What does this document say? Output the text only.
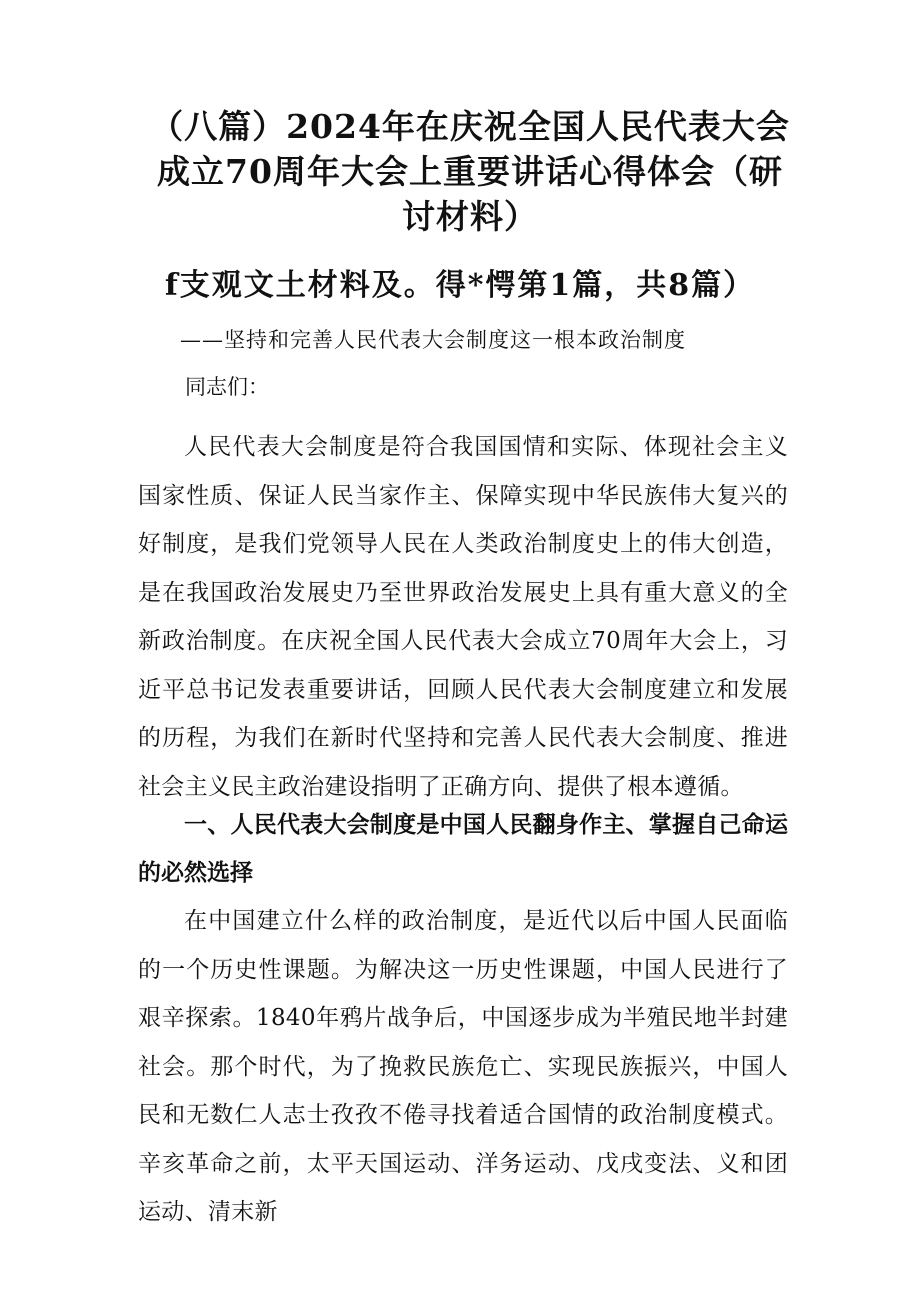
（八篇）2024年在庆祝全国人民代表大会成立70周年大会上重要讲话心得体会（研讨材料）
f支观文土材料及。得*愕第1篇，共8篇）
——坚持和完善人民代表大会制度这一根本政治制度
同志们：
人民代表大会制度是符合我国国情和实际、体现社会主义国家性质、保证人民当家作主、保障实现中华民族伟大复兴的好制度，是我们党领导人民在人类政治制度史上的伟大创造，是在我国政治发展史乃至世界政治发展史上具有重大意义的全新政治制度。在庆祝全国人民代表大会成立70周年大会上，习近平总书记发表重要讲话，回顾人民代表大会制度建立和发展的历程，为我们在新时代坚持和完善人民代表大会制度、推进社会主义民主政治建设指明了正确方向、提供了根本遵循。
一、人民代表大会制度是中国人民翻身作主、掌握自己命运的必然选择
在中国建立什么样的政治制度，是近代以后中国人民面临的一个历史性课题。为解决这一历史性课题，中国人民进行了艰辛探索。1840年鸦片战争后，中国逐步成为半殖民地半封建社会。那个时代，为了挽救民族危亡、实现民族振兴，中国人民和无数仁人志士孜孜不倦寻找着适合国情的政治制度模式。辛亥革命之前，太平天国运动、洋务运动、戊戌变法、义和团运动、清末新
